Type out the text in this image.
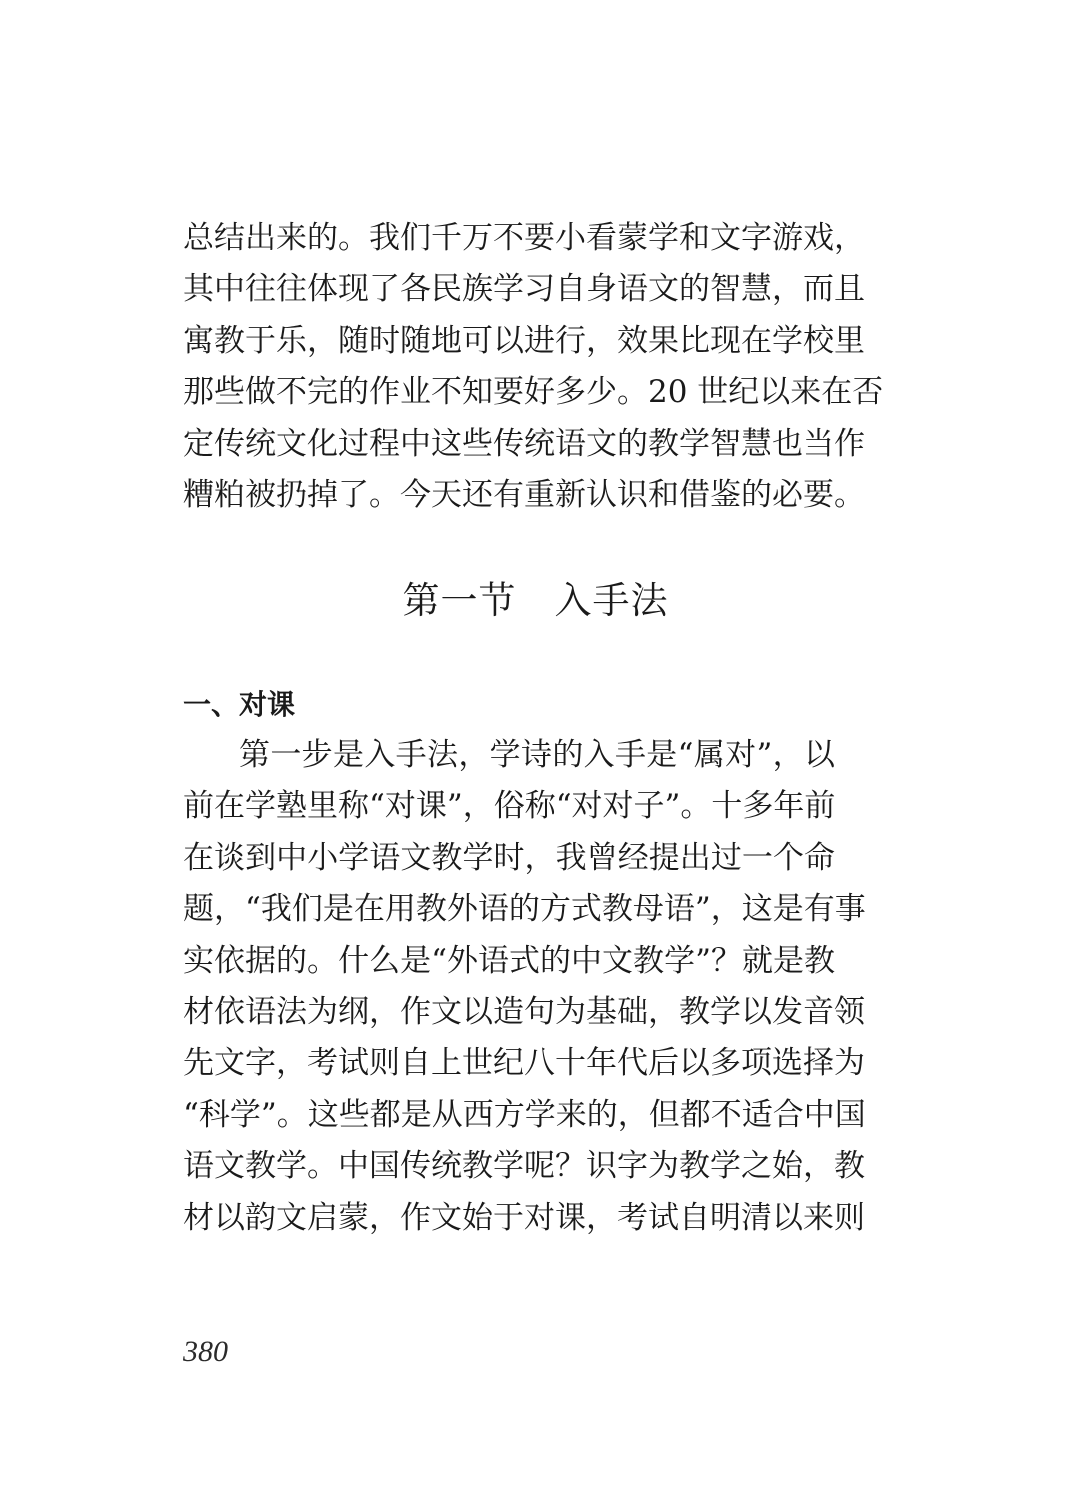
总结出来的。我们千万不要小看蒙学和文字游戏，
其中往往体现了各民族学习自身语文的智慧，而且
寓教于乐，随时随地可以进行，效果比现在学校里
那些做不完的作业不知要好多少。20 世纪以来在否
定传统文化过程中这些传统语文的教学智慧也当作
糟粕被扔掉了。今天还有重新认识和借鉴的必要。
第一节　入手法
一、对课
第一步是入手法，学诗的入手是“属对”，以
前在学塾里称“对课”，俗称“对对子”。十多年前
在谈到中小学语文教学时，我曾经提出过一个命
题，“我们是在用教外语的方式教母语”，这是有事
实依据的。什么是“外语式的中文教学”？就是教
材依语法为纲，作文以造句为基础，教学以发音领
先文字，考试则自上世纪八十年代后以多项选择为
“科学”。这些都是从西方学来的，但都不适合中国
语文教学。中国传统教学呢？识字为教学之始，教
材以韵文启蒙，作文始于对课，考试自明清以来则
380
